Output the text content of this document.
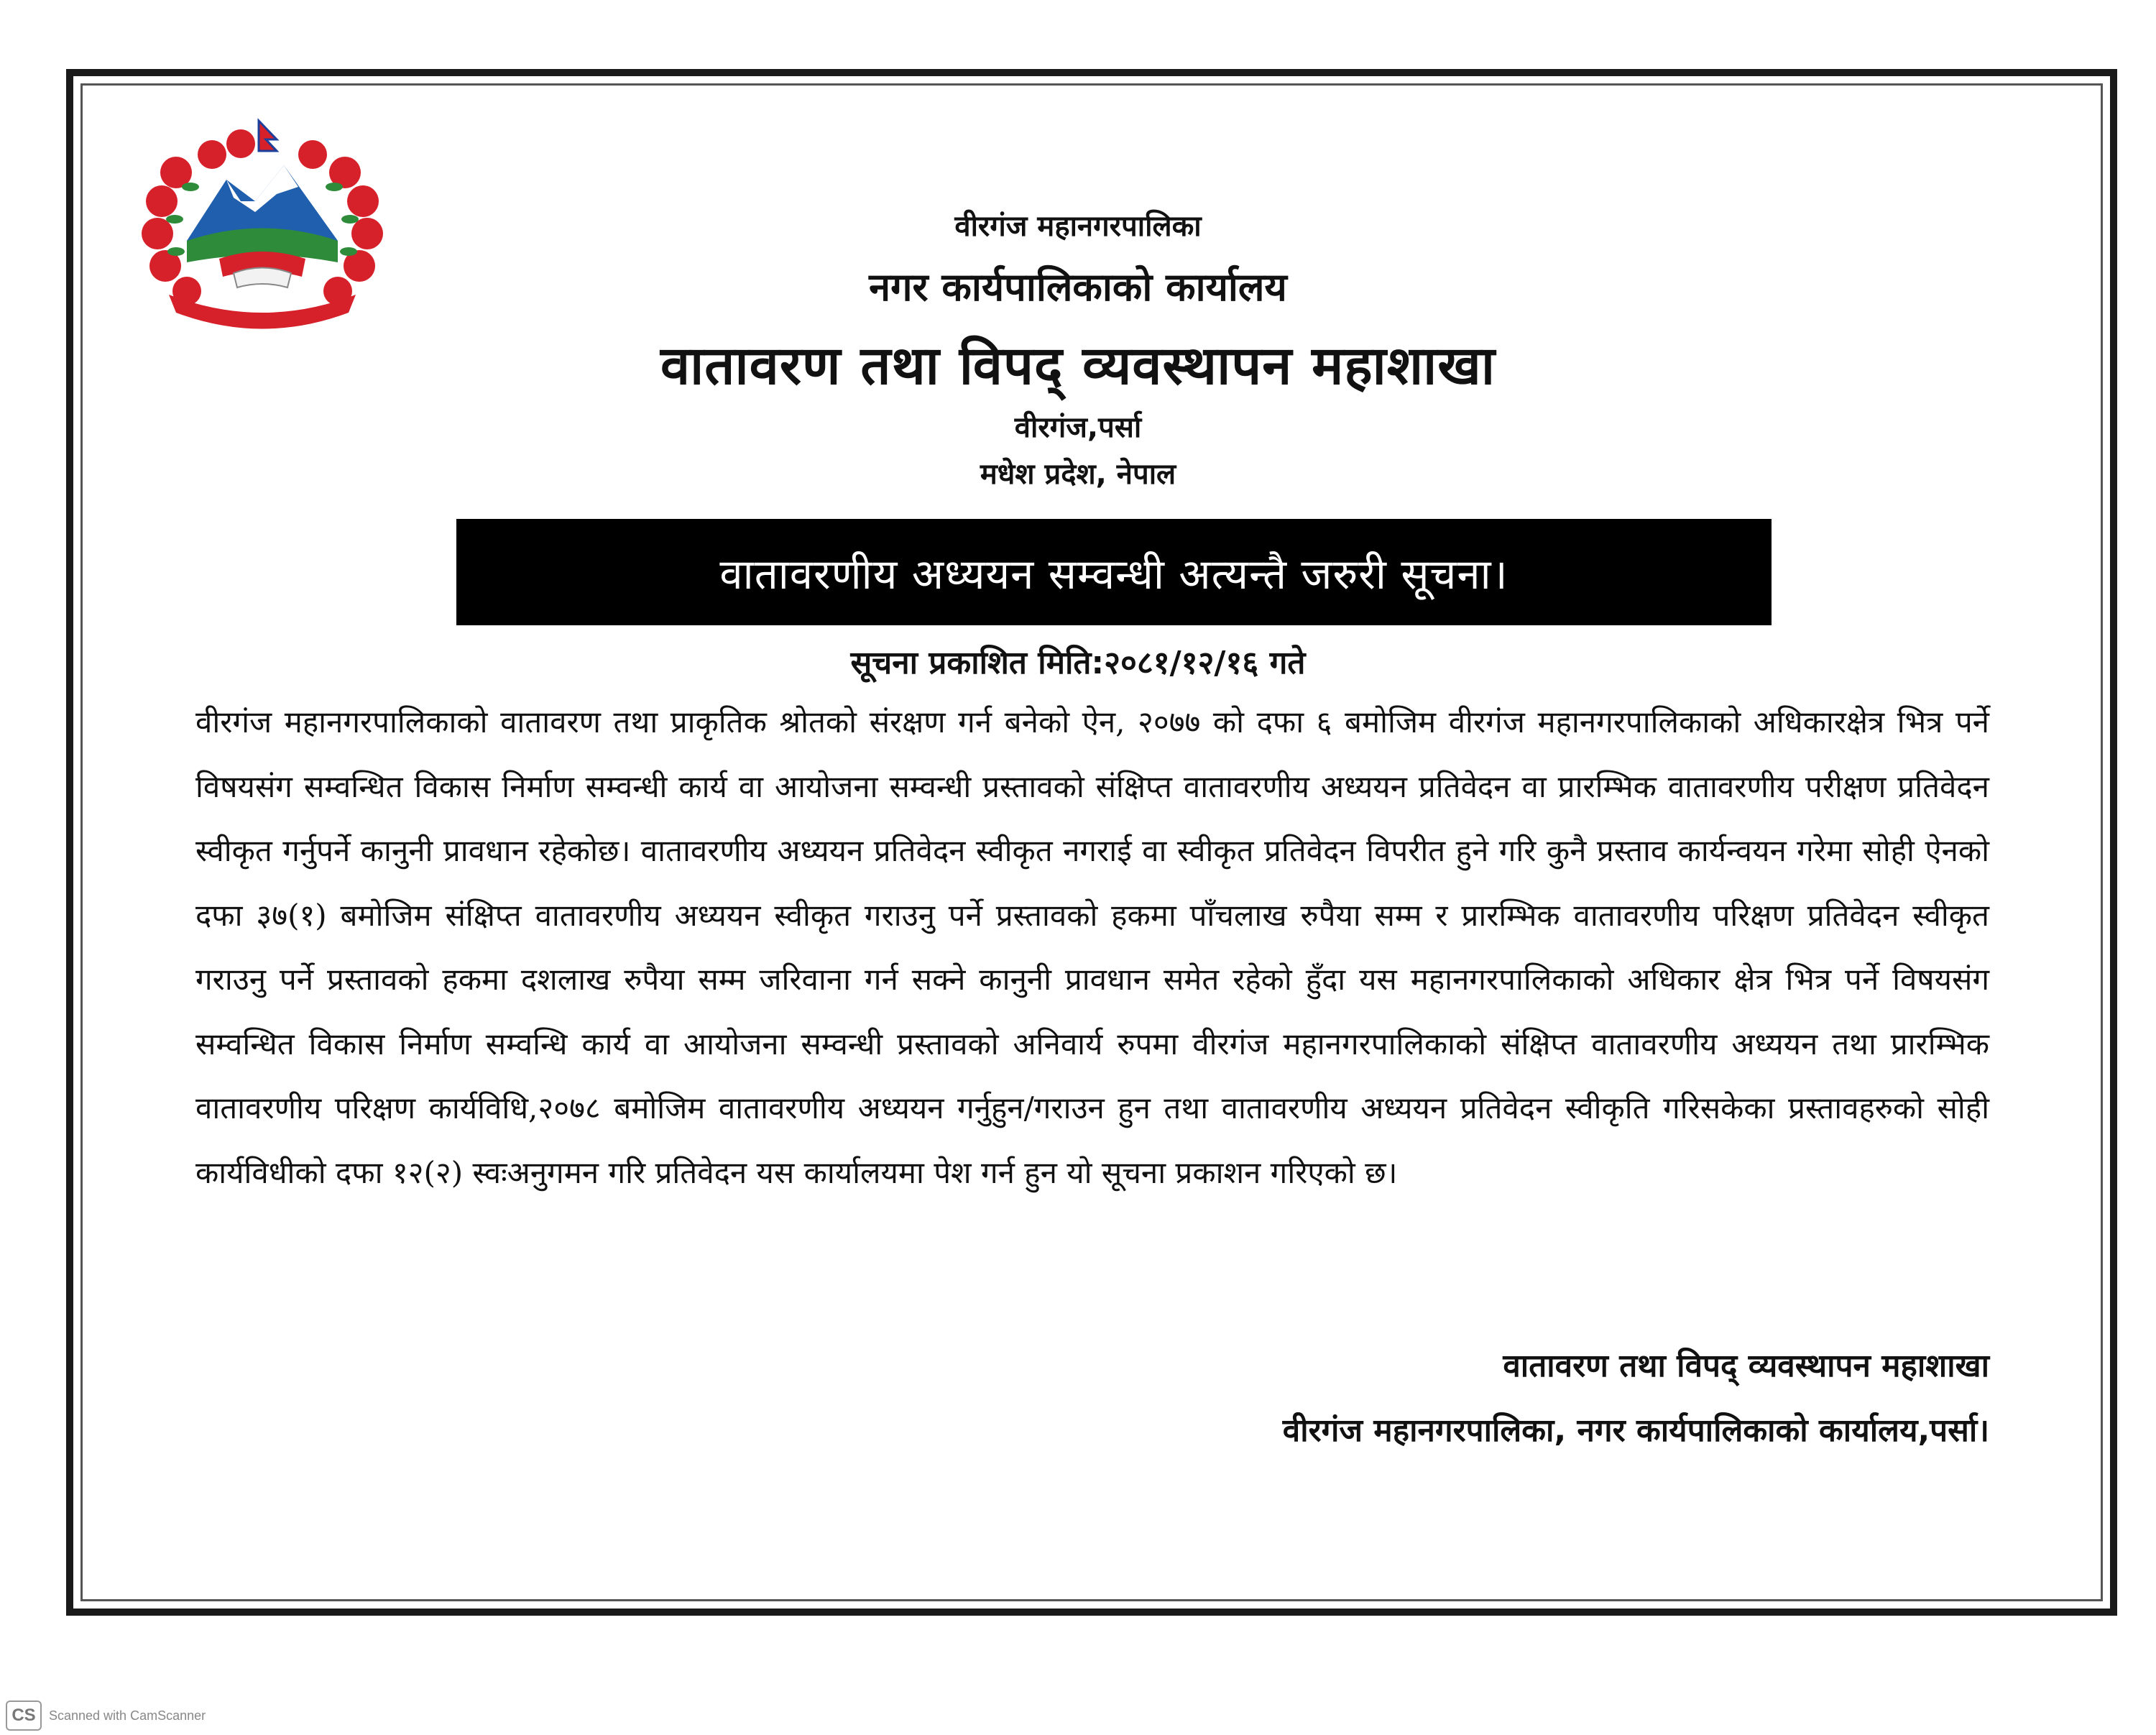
वीरगंज महानगरपालिका
नगर कार्यपालिकाको कार्यालय
वातावरण तथा विपद् व्यवस्थापन महाशाखा
वीरगंज,पर्सा
मधेश प्रदेश, नेपाल
वातावरणीय अध्ययन सम्वन्धी अत्यन्तै जरुरी सूचना।
सूचना प्रकाशित मिति:२०८१/१२/१६ गते

वीरगंज महानगरपालिकाको वातावरण तथा प्राकृतिक श्रोतको संरक्षण गर्न बनेको ऐन, २०७७ को दफा ६ बमोजिम वीरगंज महानगरपालिकाको अधिकारक्षेत्र भित्र पर्ने विषयसंग सम्वन्धित विकास निर्माण सम्वन्धी कार्य वा आयोजना सम्वन्धी प्रस्तावको संक्षिप्त वातावरणीय अध्ययन प्रतिवेदन वा प्रारम्भिक वातावरणीय परीक्षण प्रतिवेदन स्वीकृत गर्नुपर्ने कानुनी प्रावधान रहेकोछ। वातावरणीय अध्ययन प्रतिवेदन स्वीकृत नगराई वा स्वीकृत प्रतिवेदन विपरीत हुने गरि कुनै प्रस्ताव कार्यन्वयन गरेमा सोही ऐनको दफा ३७(१) बमोजिम संक्षिप्त वातावरणीय अध्ययन स्वीकृत गराउनु पर्ने प्रस्तावको हकमा पाँचलाख रुपैया सम्म र प्रारम्भिक वातावरणीय परिक्षण प्रतिवेदन स्वीकृत गराउनु पर्ने प्रस्तावको हकमा दशलाख रुपैया सम्म जरिवाना गर्न सक्ने कानुनी प्रावधान समेत रहेको हुँदा यस महानगरपालिकाको अधिकार क्षेत्र भित्र पर्ने विषयसंग सम्वन्धित विकास निर्माण सम्वन्धि कार्य वा आयोजना सम्वन्धी प्रस्तावको अनिवार्य रुपमा वीरगंज महानगरपालिकाको संक्षिप्त वातावरणीय अध्ययन तथा प्रारम्भिक वातावरणीय परिक्षण कार्यविधि,२०७८ बमोजिम वातावरणीय अध्ययन गर्नुहुन/गराउन हुन तथा वातावरणीय अध्ययन प्रतिवेदन स्वीकृति गरिसकेका प्रस्तावहरुको सोही कार्यविधीको दफा १२(२) स्वःअनुगमन गरि प्रतिवेदन यस कार्यालयमा पेश गर्न हुन यो सूचना प्रकाशन गरिएको छ।

वातावरण तथा विपद् व्यवस्थापन महाशाखा
वीरगंज महानगरपालिका, नगर कार्यपालिकाको कार्यालय,पर्सा।
CS	Scanned with CamScanner
